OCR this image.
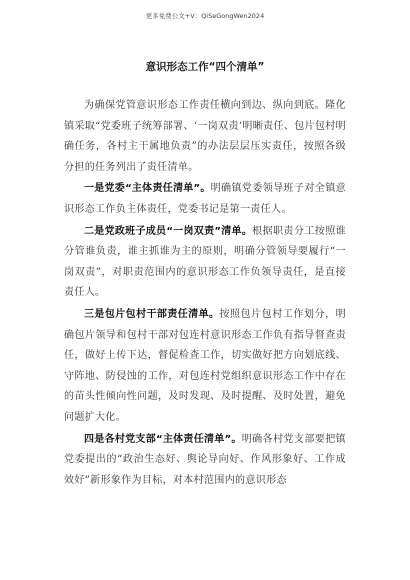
更多免费公文+V：QiSeGongWen2024
意识形态工作“四个清单”

为确保党管意识形态工作责任横向到边、纵向到底。隆化镇采取“党委班子统筹部署、‘一岗双责’明晰责任、包片包村明确任务，各村主干属地负责”的办法层层压实责任，按照各级分担的任务列出了责任清单。

一是党委“主体责任清单”。明确镇党委领导班子对全镇意识形态工作负主体责任，党委书记是第一责任人。

二是党政班子成员“一岗双责”清单。根据职责分工按照谁分管谁负责，谁主抓谁为主的原则，明确分管领导要履行“一岗双责”，对职责范围内的意识形态工作负领导责任，是直接责任人。

三是包片包村干部责任清单。按照包片包村工作划分，明确包片领导和包村干部对包连村意识形态工作负有指导督查责任，做好上传下达，督促检查工作，切实做好把方向划底线、守阵地、防侵蚀的工作，对包连村党组织意识形态工作中存在的苗头性倾向性问题，及时发现、及时提醒、及时处置，避免问题扩大化。

四是各村党支部“主体责任清单”。明确各村党支部要把镇党委提出的“政治生态好、舆论导向好、作风形象好、工作成效好”新形象作为目标，对本村范围内的意识形态
